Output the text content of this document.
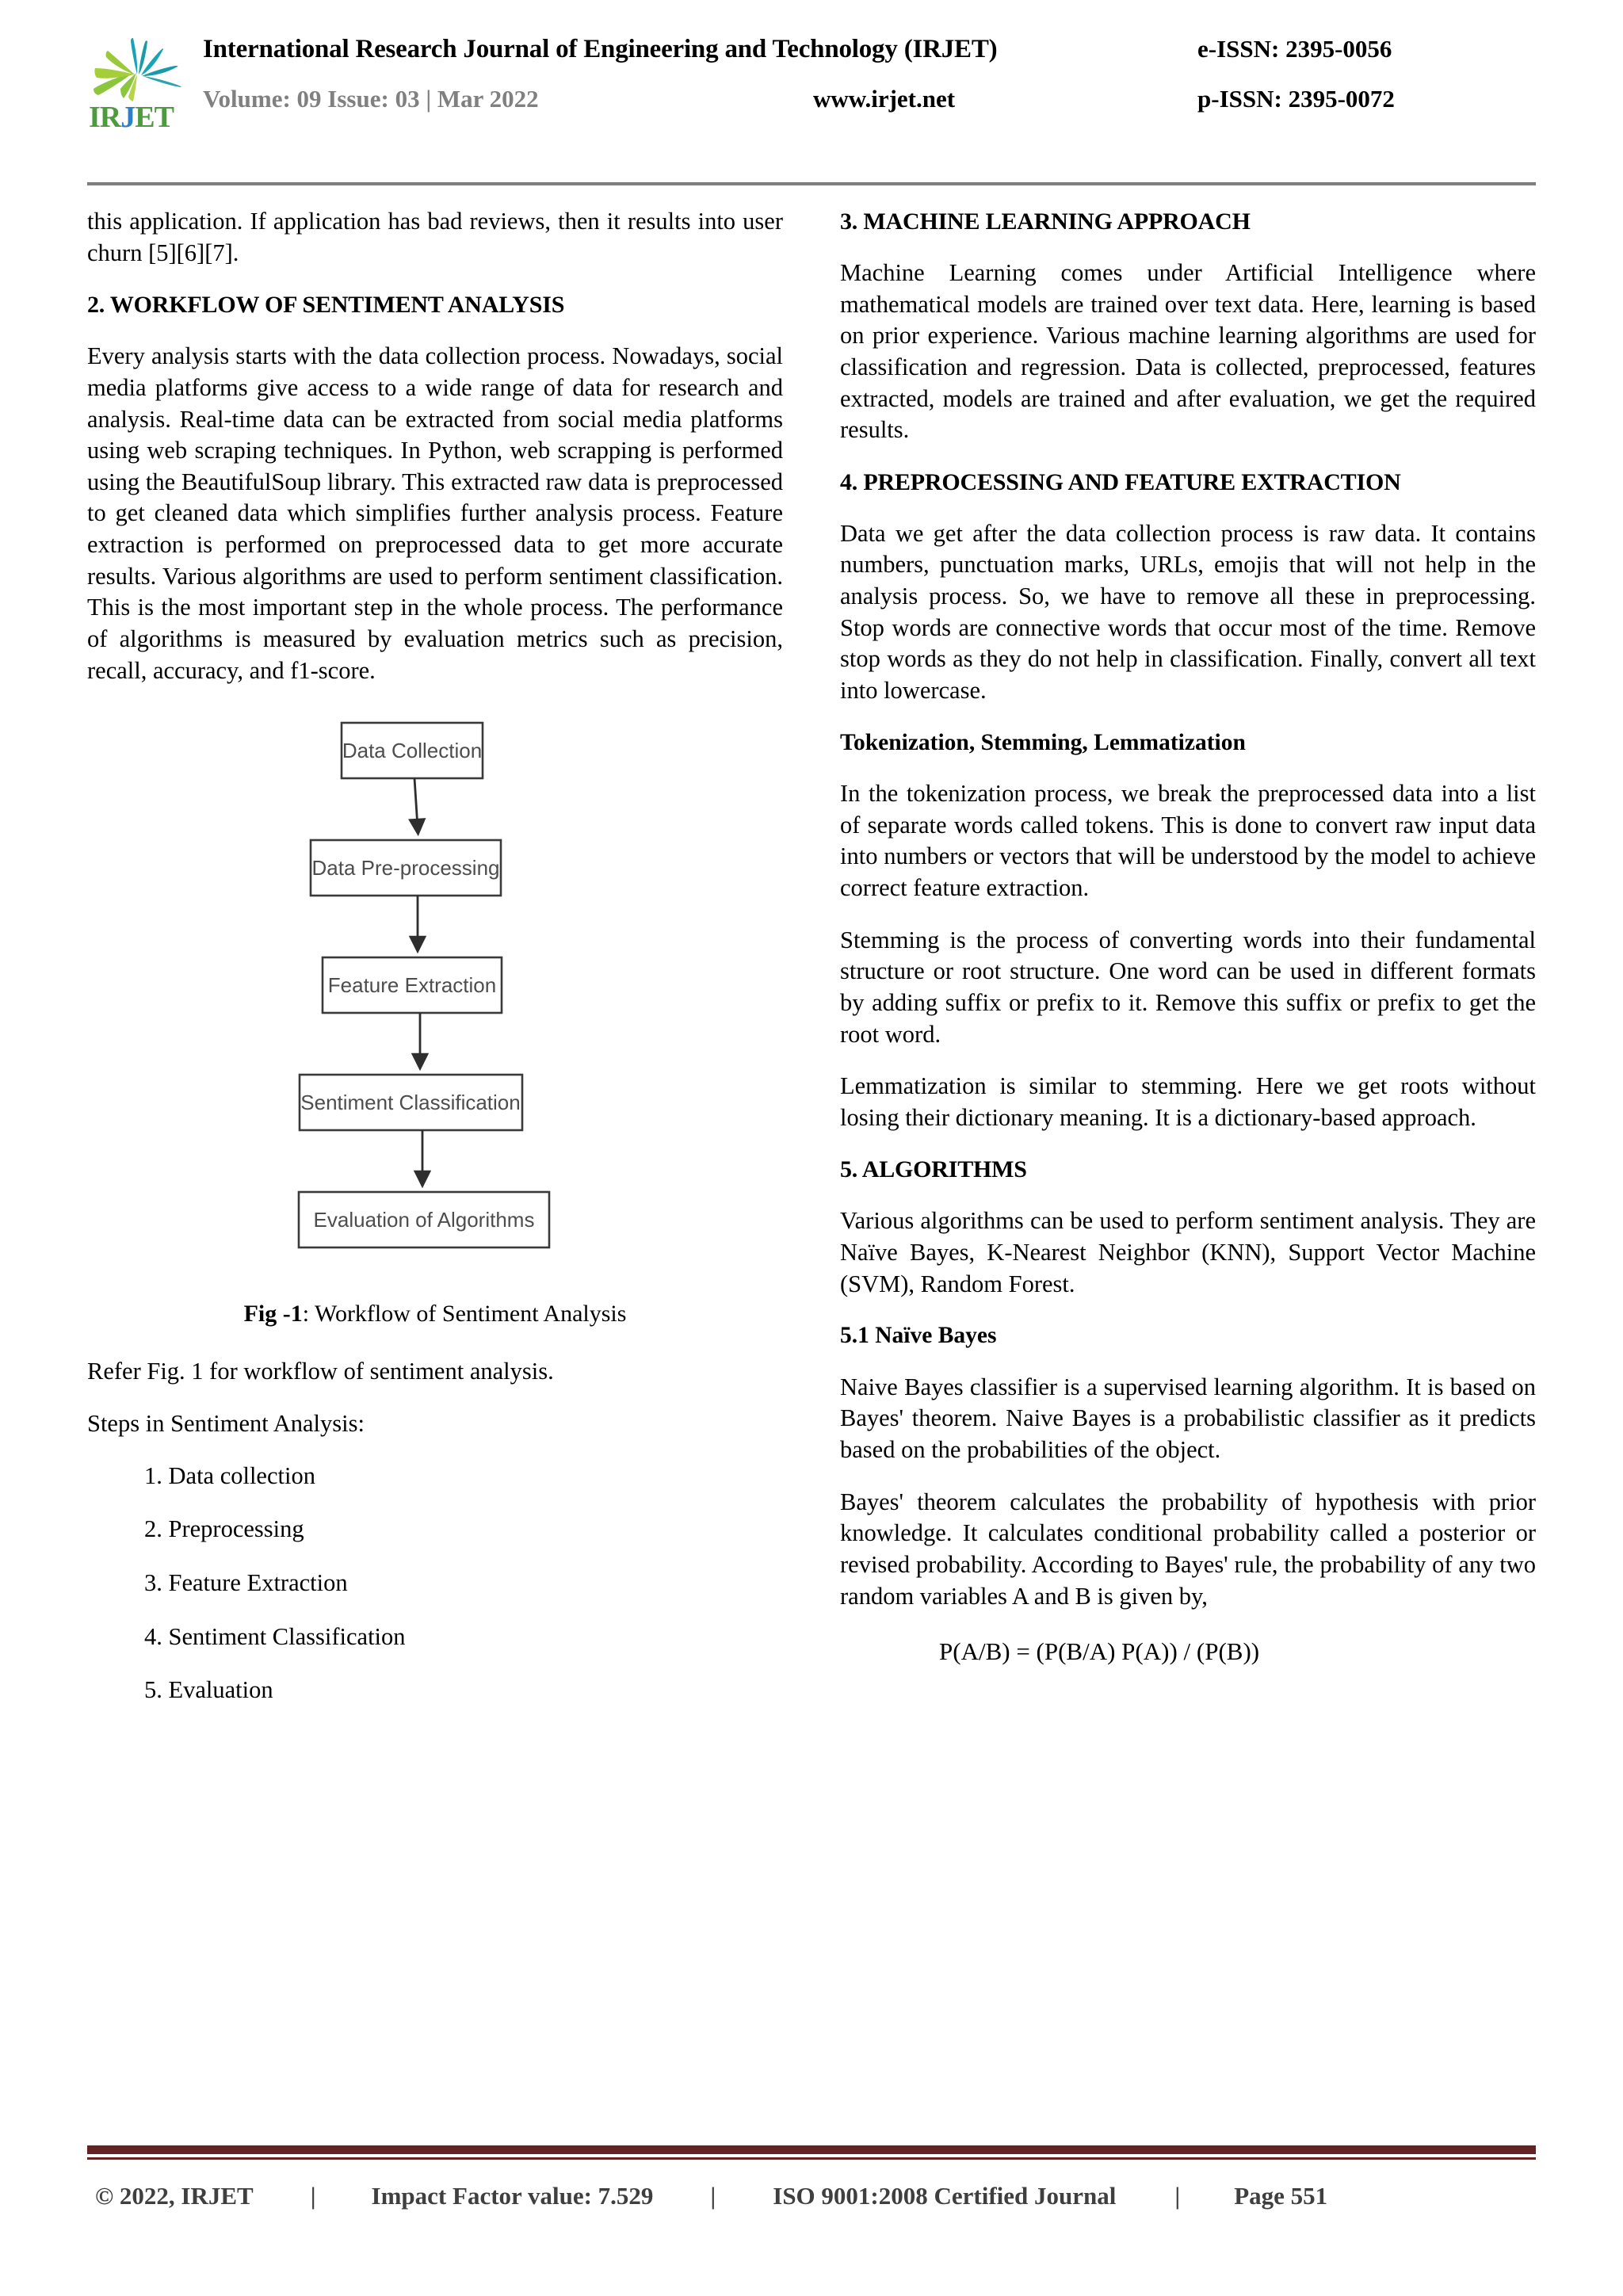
IRJET
International Research Journal of Engineering and Technology (IRJET)	e-ISSN: 2395-0056
Volume: 09 Issue: 03 | Mar 2022	www.irjet.net	p-ISSN: 2395-0072

this application. If application has bad reviews, then it results into user churn [5][6][7].

2. WORKFLOW OF SENTIMENT ANALYSIS

Every analysis starts with the data collection process. Nowadays, social media platforms give access to a wide range of data for research and analysis. Real-time data can be extracted from social media platforms using web scraping techniques. In Python, web scrapping is performed using the BeautifulSoup library. This extracted raw data is preprocessed to get cleaned data which simplifies further analysis process. Feature extraction is performed on preprocessed data to get more accurate results. Various algorithms are used to perform sentiment classification. This is the most important step in the whole process. The performance of algorithms is measured by evaluation metrics such as precision, recall, accuracy, and f1-score.

Data Collection
Data Pre-processing
Feature Extraction
Sentiment Classification
Evaluation of Algorithms
Fig -1: Workflow of Sentiment Analysis

Refer Fig. 1 for workflow of sentiment analysis.

Steps in Sentiment Analysis:

1. Data collection
2. Preprocessing
3. Feature Extraction
4. Sentiment Classification
5. Evaluation
3. MACHINE LEARNING APPROACH

Machine Learning comes under Artificial Intelligence where mathematical models are trained over text data. Here, learning is based on prior experience. Various machine learning algorithms are used for classification and regression. Data is collected, preprocessed, features extracted, models are trained and after evaluation, we get the required results.

4. PREPROCESSING AND FEATURE EXTRACTION

Data we get after the data collection process is raw data. It contains numbers, punctuation marks, URLs, emojis that will not help in the analysis process. So, we have to remove all these in preprocessing. Stop words are connective words that occur most of the time. Remove stop words as they do not help in classification. Finally, convert all text into lowercase.

Tokenization, Stemming, Lemmatization

In the tokenization process, we break the preprocessed data into a list of separate words called tokens. This is done to convert raw input data into numbers or vectors that will be understood by the model to achieve correct feature extraction.

Stemming is the process of converting words into their fundamental structure or root structure. One word can be used in different formats by adding suffix or prefix to it. Remove this suffix or prefix to get the root word.

Lemmatization is similar to stemming. Here we get roots without losing their dictionary meaning. It is a dictionary-based approach.

5. ALGORITHMS

Various algorithms can be used to perform sentiment analysis. They are Naïve Bayes, K-Nearest Neighbor (KNN), Support Vector Machine (SVM), Random Forest.

5.1 Naïve Bayes

Naive Bayes classifier is a supervised learning algorithm. It is based on Bayes' theorem. Naive Bayes is a probabilistic classifier as it predicts based on the probabilities of the object.

Bayes' theorem calculates the probability of hypothesis with prior knowledge. It calculates conditional probability called a posterior or revised probability. According to Bayes' rule, the probability of any two random variables A and B is given by,

P(A/B) = (P(B/A) P(A)) / (P(B))
© 2022, IRJET | Impact Factor value: 7.529 | ISO 9001:2008 Certified Journal | Page 551
